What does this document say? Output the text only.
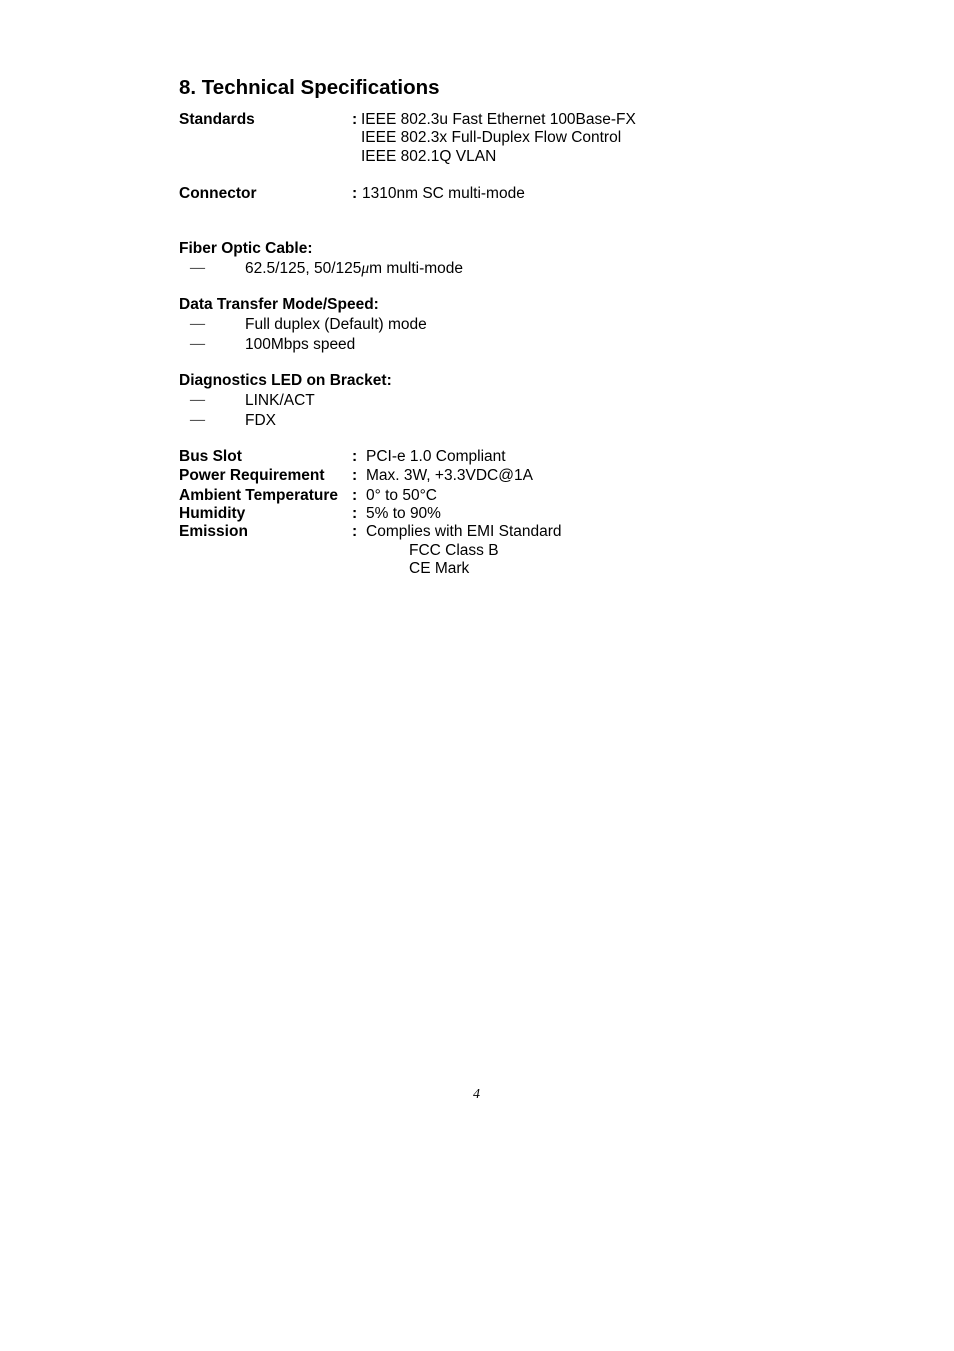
8. Technical Specifications
Standards	: IEEE 802.3u Fast Ethernet 100Base-FX
IEEE 802.3x Full-Duplex Flow Control
IEEE 802.1Q VLAN
Connector	: 1310nm SC multi-mode
Fiber Optic Cable:
—	62.5/125, 50/125μm multi-mode
Data Transfer Mode/Speed:
—	Full duplex (Default) mode
—	100Mbps speed
Diagnostics LED on Bracket:
—	LINK/ACT
—	FDX
Bus Slot	: PCI-e 1.0 Compliant
Power Requirement : Max. 3W, +3.3VDC@1A
Ambient Temperature : 0° to 50°C
Humidity	: 5% to 90%
Emission	: Complies with EMI Standard
FCC Class B
CE Mark
4
